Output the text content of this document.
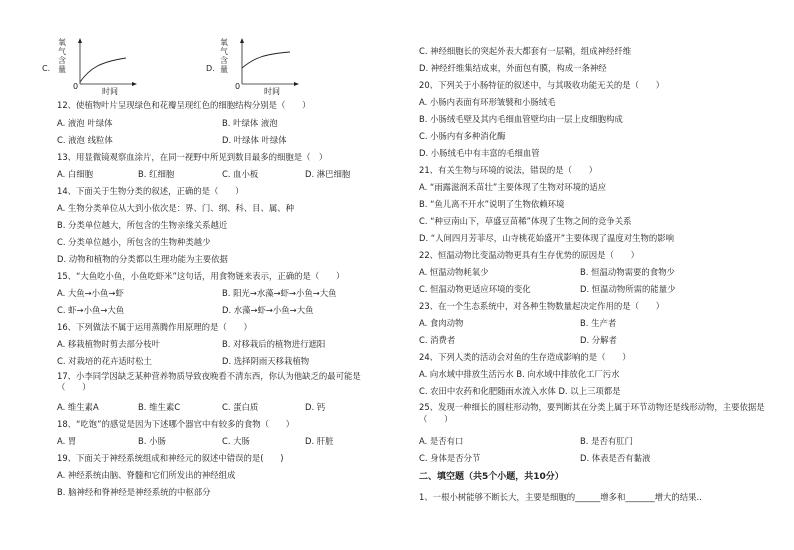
C.
氧气含量
0
时间
D.
氧气含量
0
时间
12、使植物叶片呈现绿色和花瓣呈现红色的细胞结构分别是（　　）
A. 液泡 叶绿体	B. 叶绿体 液泡
C. 液泡 线粒体	D. 叶绿体 叶绿体
13、用显微镜观察血涂片，在同一视野中所见到数目最多的细胞是（　）
A. 白细胞	B. 红细胞	C. 血小板	D. 淋巴细胞
14、下面关于生物分类的叙述，正确的是（　　）
A. 生物分类单位从大到小依次是：界、门、纲、科、目、属、种
B. 分类单位越大，所包含的生物亲缘关系越近
C. 分类单位越小，所包含的生物种类越少
D. 动物和植物的分类都以生理功能为主要依据
15、“大鱼吃小鱼，小鱼吃虾米”这句话，用食物链来表示，正确的是（　　）
A. 大鱼→小鱼→虾	B. 阳光→水藻→虾→小鱼→大鱼
C. 虾→小鱼→大鱼	D. 水藻→虾→小鱼→大鱼
16、下列做法不属于运用蒸腾作用原理的是（　　）
A. 移栽植物时剪去部分枝叶	B. 对移栽后的植物进行遮阳
C. 对栽培的花卉适时松土	D. 选择阴雨天移栽植物
17、小李同学因缺乏某种营养物质导致夜晚看不清东西，你认为他缺乏的最可能是（　　）
A. 维生素A	B. 维生素C	C. 蛋白质	D. 钙
18、“吃饱”的感觉是因为下述哪个器官中有较多的食物（　　）
A. 胃	B. 小肠	C. 大肠	D. 肝脏
19、下面关于神经系统组成和神经元的叙述中错误的是(　　)
A. 神经系统由脑、脊髓和它们所发出的神经组成
B. 脑神经和脊神经是神经系统的中枢部分
C. 神经细胞长的突起外表大都套有一层鞘，组成神经纤维
D. 神经纤维集结成束，外面包有膜，构成一条神经
20、下列关于小肠特征的叙述中，与其吸收功能无关的是（　　）
A. 小肠内表面有环形皱襞和小肠绒毛
B. 小肠绒毛壁及其内毛细血管壁均由一层上皮细胞构成
C. 小肠内有多种消化酶
D. 小肠绒毛中有丰富的毛细血管
21、有关生物与环境的说法，错误的是（　　）
A. “雨露滋润禾苗壮”主要体现了生物对环境的适应
B. “鱼儿离不开水”说明了生物依赖环境
C. “种豆南山下，草盛豆苗稀”体现了生物之间的竞争关系
D. “人间四月芳菲尽，山寺桃花始盛开”主要体现了温度对生物的影响
22、恒温动物比变温动物更具有生存优势的原因是（　　）
A. 恒温动物耗氧少	B. 恒温动物需要的食物少
C. 恒温动物更适应环境的变化	D. 恒温动物所需的能量少
23、在一个生态系统中，对各种生物数量起决定作用的是（　　）
A. 食肉动物	B. 生产者
C. 消费者	D. 分解者
24、下列人类的活动会对鱼的生存造成影响的是（　　）
A. 向水域中排放生活污水 B. 向水域中排放化工厂污水
C. 农田中农药和化肥随雨水流入水体 D. 以上三项都是
25、发现一种细长的圆柱形动物，要判断其在分类上属于环节动物还是线形动物，主要依据是（　　）
A. 是否有口	B. 是否有肛门
C. 身体是否分节	D. 体表是否有黏液
二、填空题（共5个小题，共10分）
1、一根小树能够不断长大，主要是细胞的______增多和_______增大的结果..
